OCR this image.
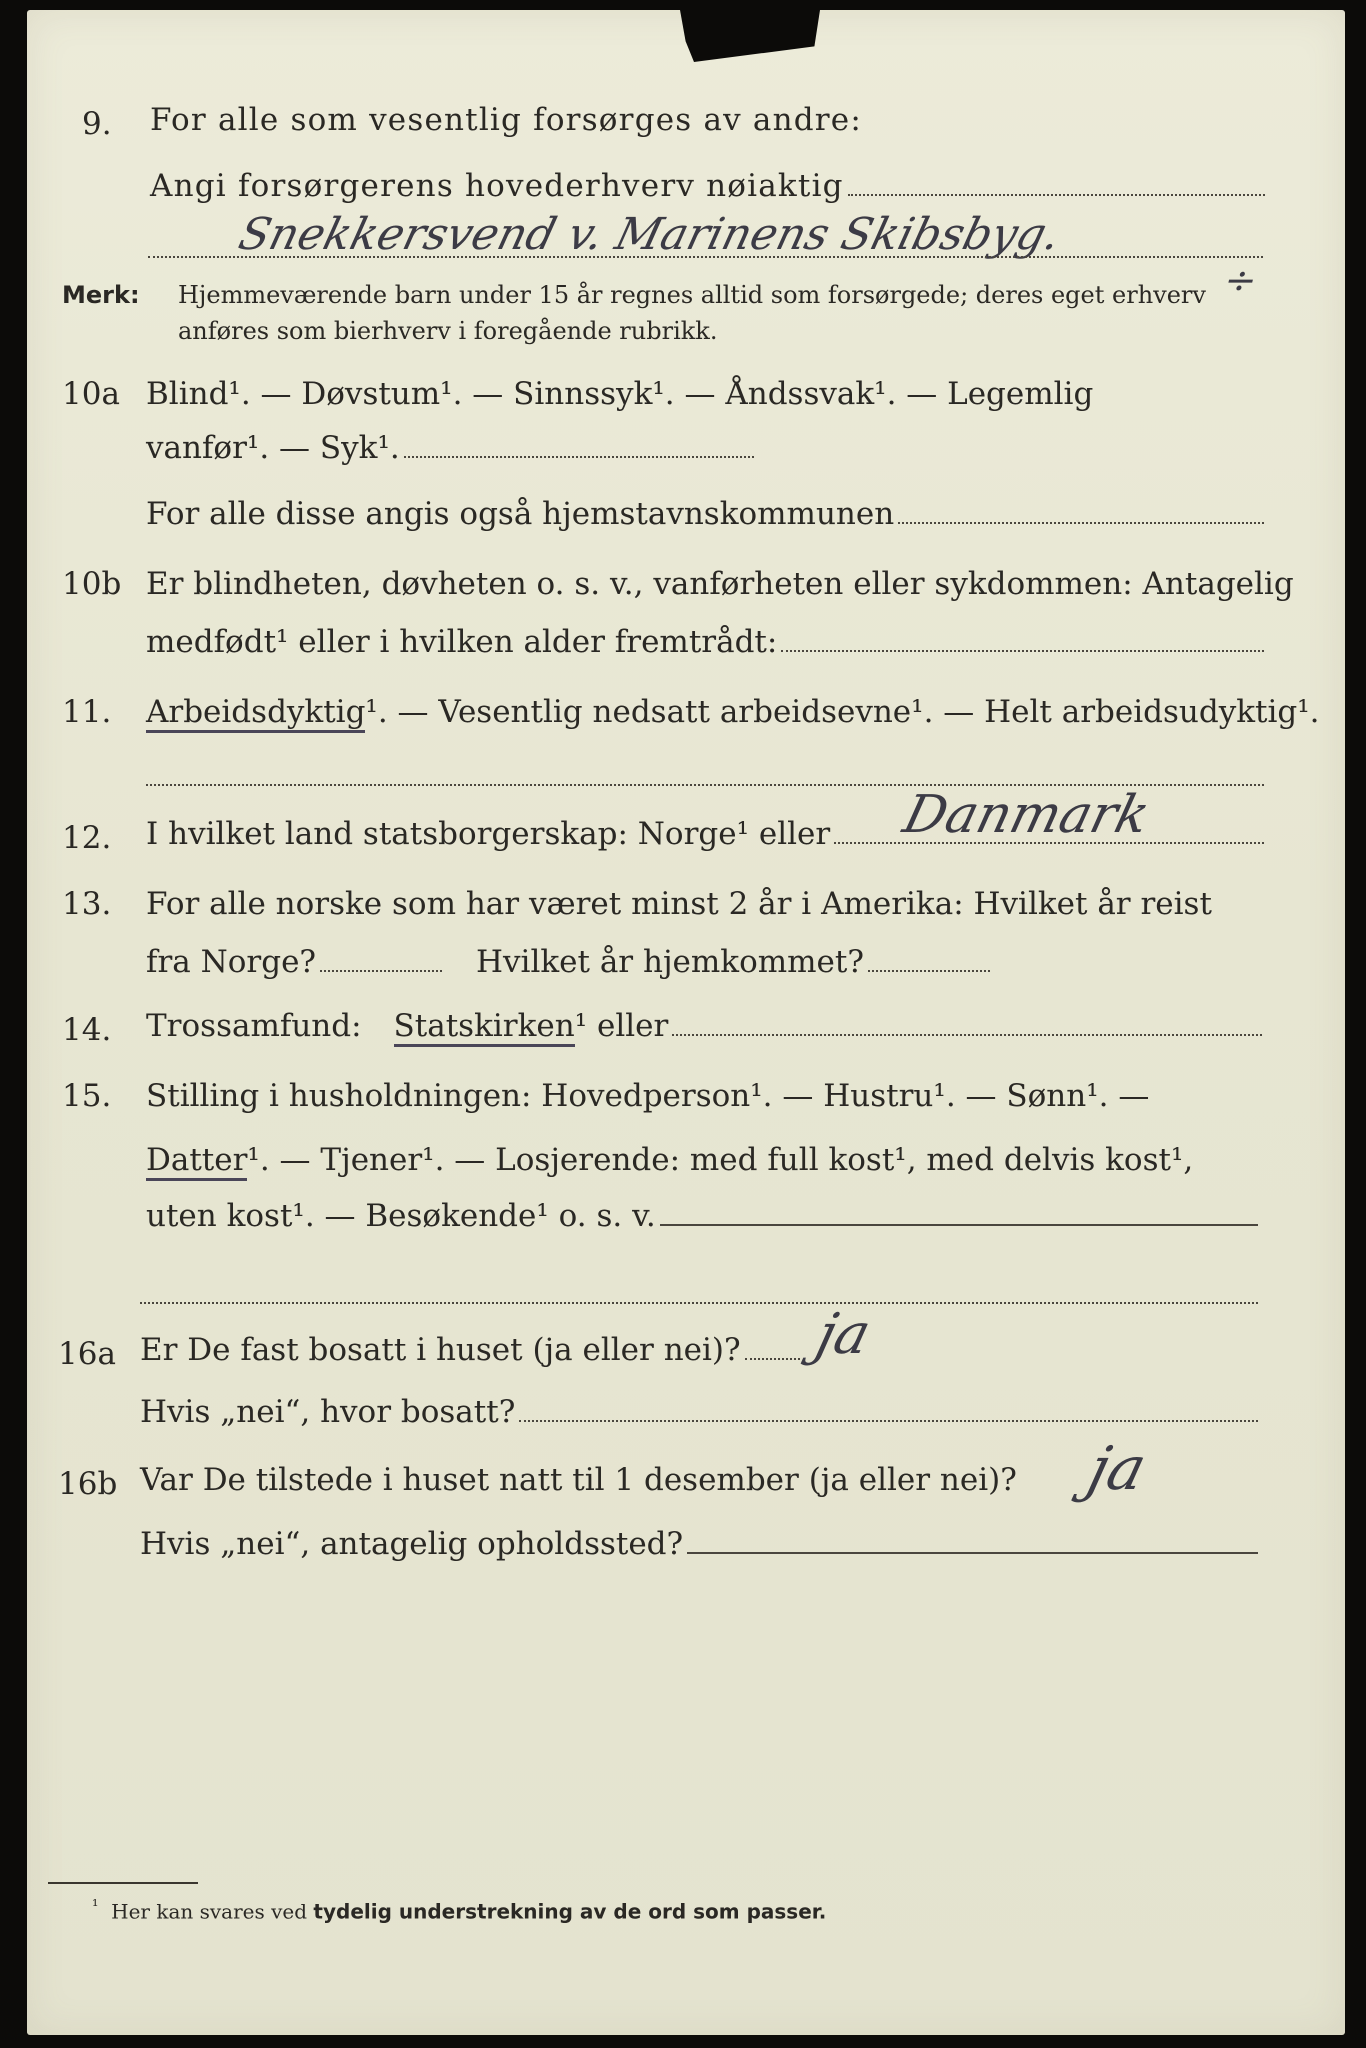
9. For alle som vesentlig forsørges av andre:
Angi forsørgerens hovederhverv nøiaktig
Snekkersvend v. Marinens Skibsbyg.
Merk: Hjemmeværende barn under 15 år regnes alltid som forsørgede; deres eget erhverv
anføres som bierhverv i foregående rubrikk.
÷
10a Blind¹. — Døvstum¹. — Sinnssyk¹. — Åndssvak¹. — Legemlig
vanfør¹. — Syk¹.
For alle disse angis også hjemstavnskommunen
10b Er blindheten, døvheten o. s. v., vanførheten eller sykdommen: Antagelig
medfødt¹ eller i hvilken alder fremtrådt:
11. Arbeidsdyktig¹. — Vesentlig nedsatt arbeidsevne¹. — Helt arbeidsudyktig¹.
12. I hvilket land statsborgerskap: Norge¹ eller Danmark
13. For alle norske som har været minst 2 år i Amerika: Hvilket år reist
fra Norge?	Hvilket år hjemkommet?
14. Trossamfund: Statskirken ¹ eller
15. Stilling i husholdningen: Hovedperson¹. — Hustru¹. — Sønn¹. —
Datter¹. — Tjener¹. — Losjerende: med full kost¹, med delvis kost¹,
uten kost¹. — Besøkende¹ o. s. v.
16a Er De fast bosatt i huset (ja eller nei)? ja
Hvis „nei“, hvor bosatt?
16b Var De tilstede i huset natt til 1 desember (ja eller nei)? ja
Hvis „nei“, antagelig opholdssted?
$^{^1}$ Her kan svares ved tydelig understrekning av de ord som passer.
